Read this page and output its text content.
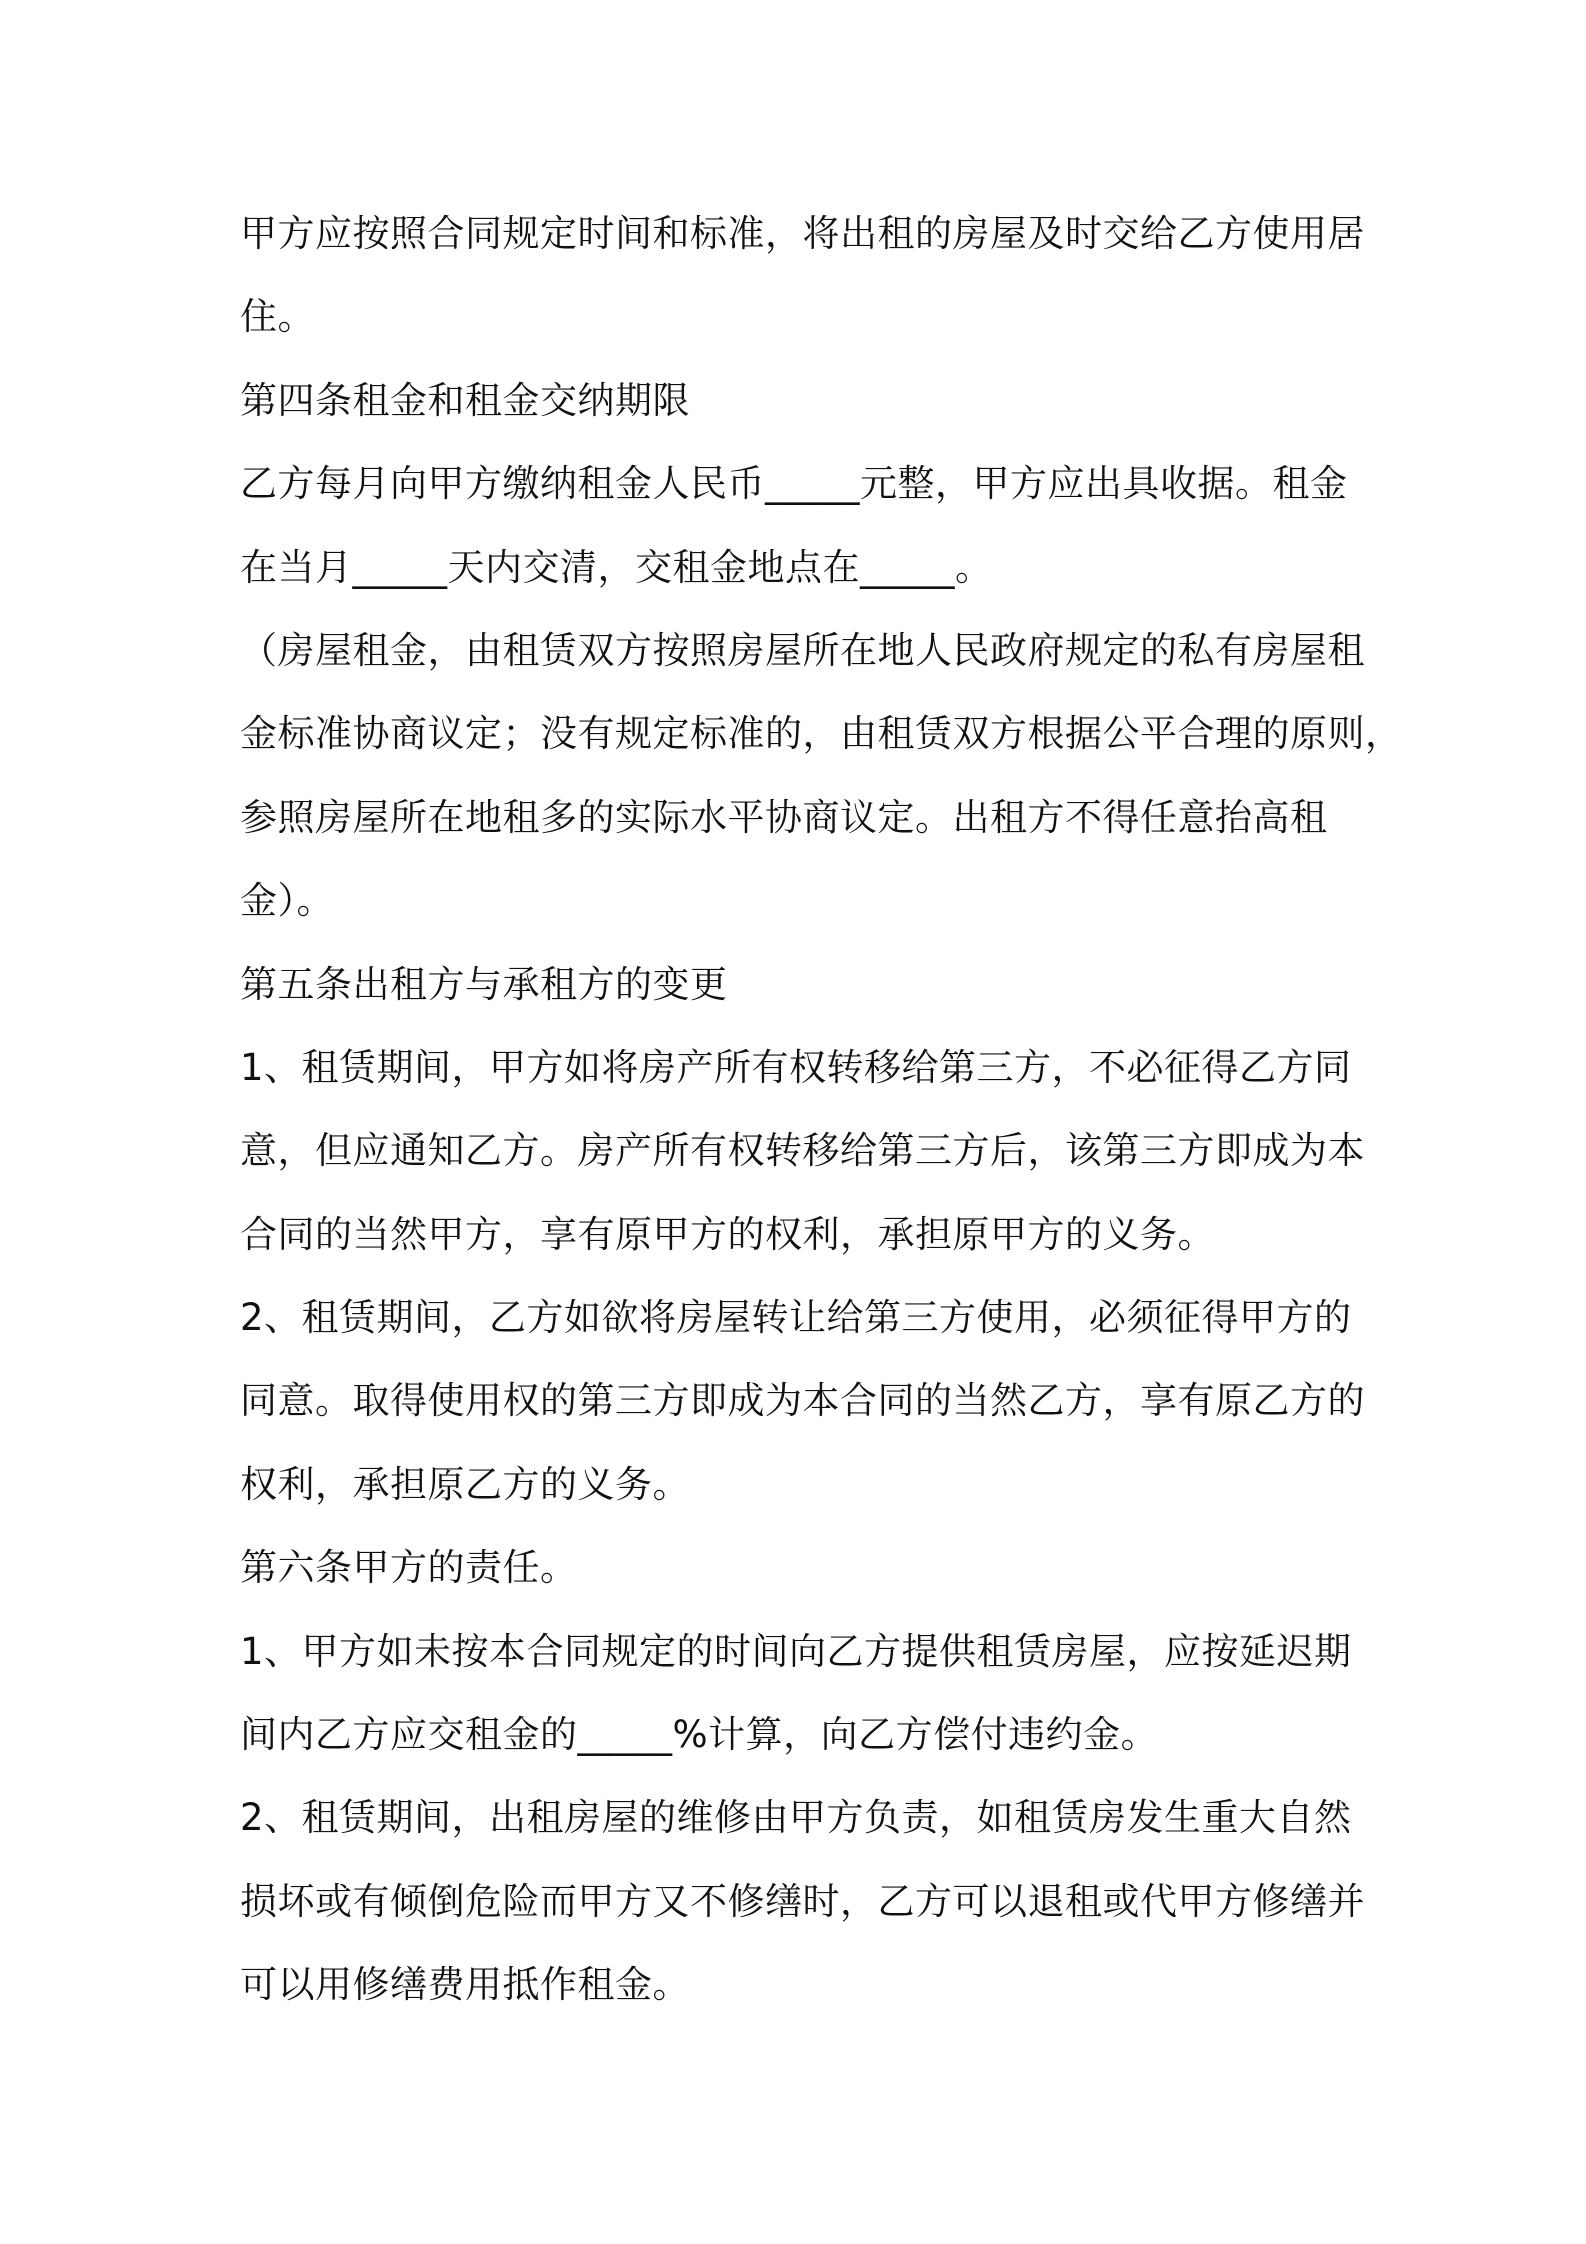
甲方应按照合同规定时间和标准，将出租的房屋及时交给乙方使用居
住。
第四条租金和租金交纳期限
乙方每月向甲方缴纳租金人民币_____元整，甲方应出具收据。租金
在当月_____天内交清，交租金地点在_____。
（房屋租金，由租赁双方按照房屋所在地人民政府规定的私有房屋租
金标准协商议定；没有规定标准的，由租赁双方根据公平合理的原则，
参照房屋所在地租多的实际水平协商议定。出租方不得任意抬高租
金）。
第五条出租方与承租方的变更
1、租赁期间，甲方如将房产所有权转移给第三方，不必征得乙方同
意，但应通知乙方。房产所有权转移给第三方后，该第三方即成为本
合同的当然甲方，享有原甲方的权利，承担原甲方的义务。
2、租赁期间，乙方如欲将房屋转让给第三方使用，必须征得甲方的
同意。取得使用权的第三方即成为本合同的当然乙方，享有原乙方的
权利，承担原乙方的义务。
第六条甲方的责任。
1、甲方如未按本合同规定的时间向乙方提供租赁房屋，应按延迟期
间内乙方应交租金的_____%计算，向乙方偿付违约金。
2、租赁期间，出租房屋的维修由甲方负责，如租赁房发生重大自然
损坏或有倾倒危险而甲方又不修缮时，乙方可以退租或代甲方修缮并
可以用修缮费用抵作租金。
